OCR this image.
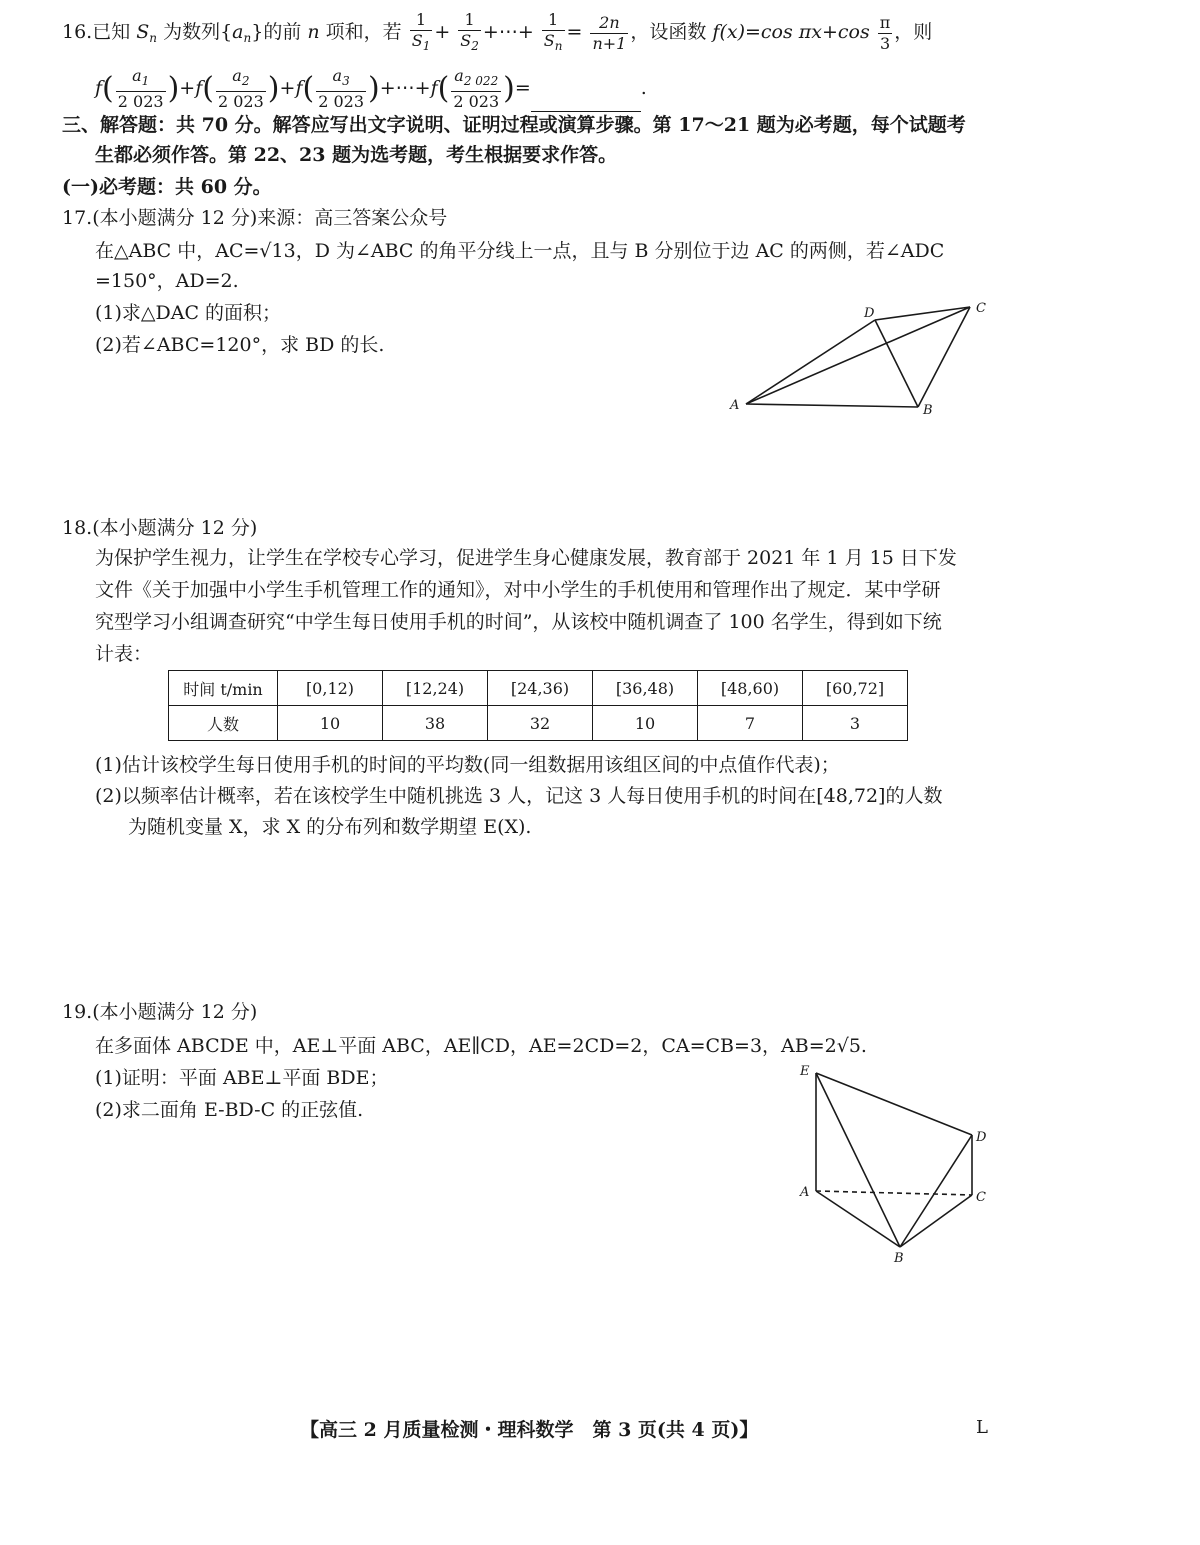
16.已知 $S_n$ 为数列$\{a_n\}$的前 n 项和，若 $\frac{1}{S_1} + \frac{1}{S_2}$ +⋯+ $\frac{1}{S_n} = \frac{2n}{n+1}$ ，设函数 f(x)=cos $\pi x+\cos \frac{\pi}{3}$ ，则
$f( \frac{a_1}{2 023} )+f( \frac{a_2}{2 023} )+f( \frac{a_3}{2 023}$ )+⋯+f( $\frac{a_{2 022}}{2 023}$ )=	.
三、解答题：共 70 分。解答应写出文字说明、证明过程或演算步骤。第 17～21 题为必考题，每个试题考
生都必须作答。第 22、23 题为选考题，考生根据要求作答。
(一)必考题：共 60 分。
17.(本小题满分 12 分)来源：高三答案公众号
在△ABC 中，AC=√13，D 为∠ABC 的角平分线上一点，且与 B 分别位于边 AC 的两侧，若∠ADC
=150°，AD=2.
(1)求△DAC 的面积；
(2)若∠ABC=120°，求 BD 的长.
A	B
C
D
18.(本小题满分 12 分)
为保护学生视力，让学生在学校专心学习，促进学生身心健康发展，教育部于 2021 年 1 月 15 日下发
文件《关于加强中小学生手机管理工作的通知》，对中小学生的手机使用和管理作出了规定．某中学研
究型学习小组调查研究“中学生每日使用手机的时间”，从该校中随机调查了 100 名学生，得到如下统
计表：
时间 t/min	[0,12)	[12,24)	[24,36)	[36,48)	[48,60)	[60,72]
人数	10	38	32	10	7	3
(1)估计该校学生每日使用手机的时间的平均数(同一组数据用该组区间的中点值作代表)；
(2)以频率估计概率，若在该校学生中随机挑选 3 人，记这 3 人每日使用手机的时间在[48,72]的人数
为随机变量 X，求 X 的分布列和数学期望 E(X).
19.(本小题满分 12 分)
在多面体 ABCDE 中，AE⊥平面 ABC，AE∥CD，AE=2CD=2，CA=CB=3，AB=2√5.
(1)证明：平面 ABE⊥平面 BDE；
(2)求二面角 E-BD-C 的正弦值.
E
D
A	C
B
【高三 2 月质量检测・理科数学　第 3 页(共 4 页)】	L
